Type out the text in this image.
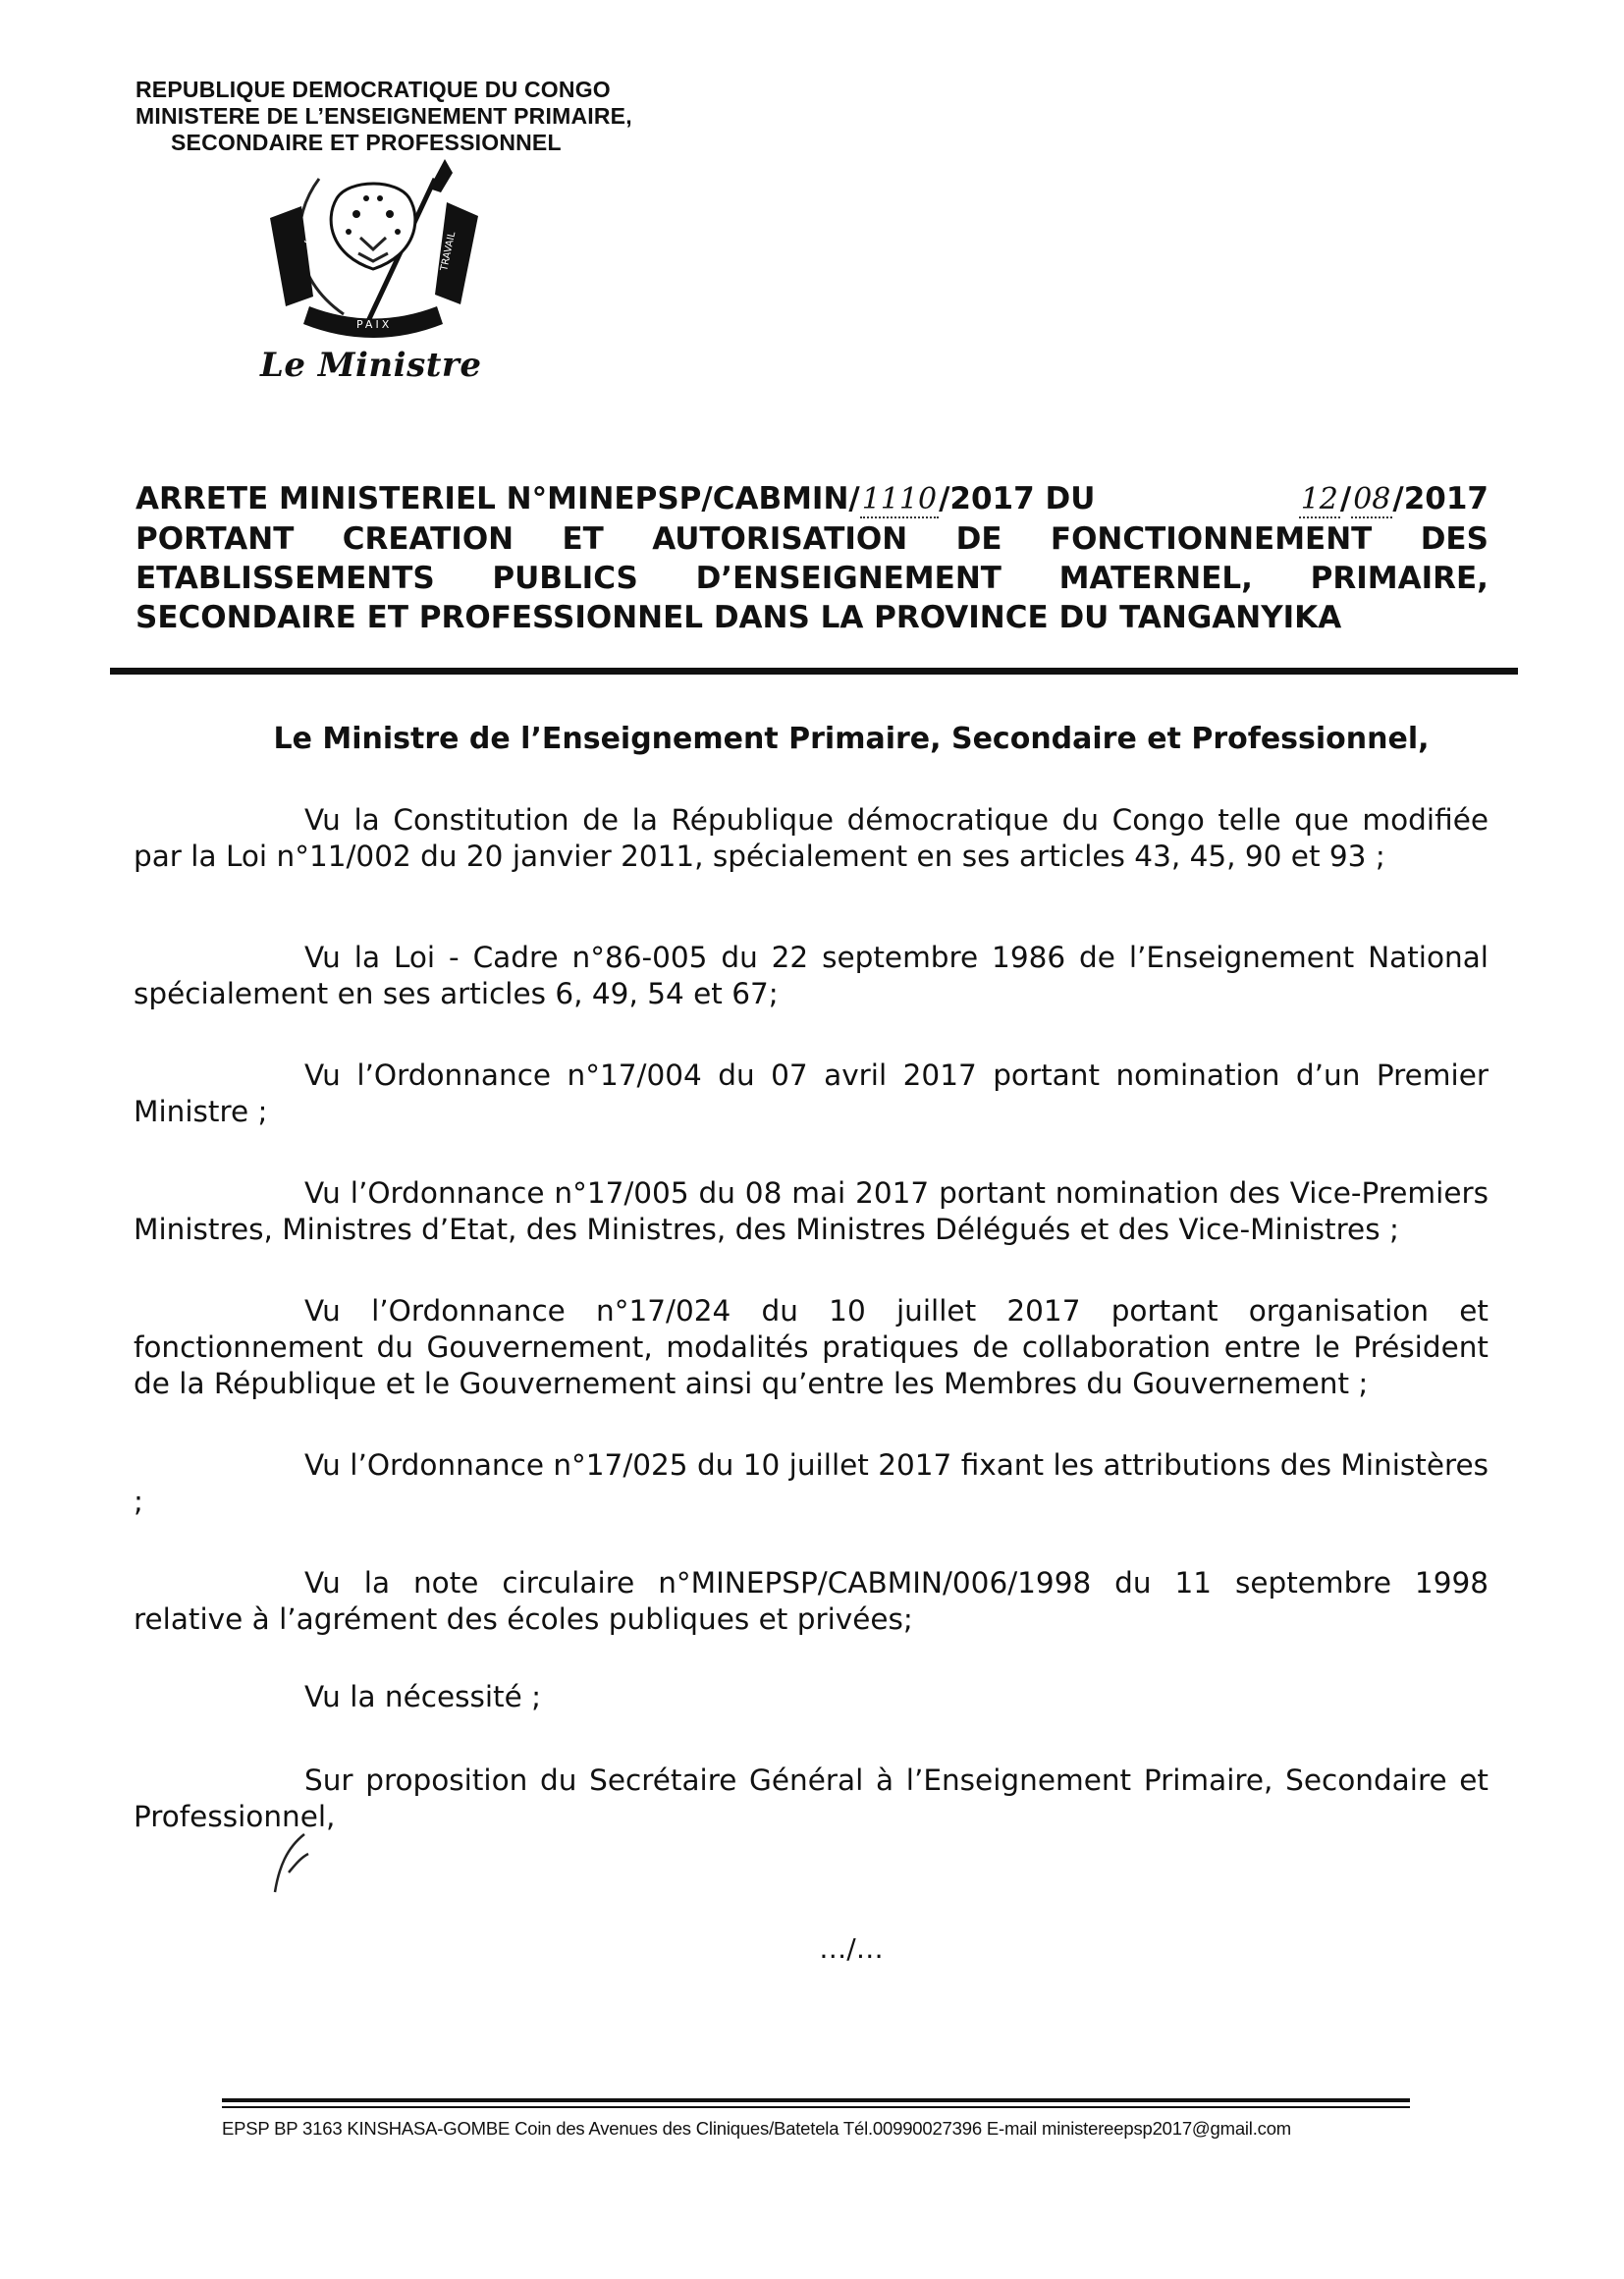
REPUBLIQUE DEMOCRATIQUE DU CONGO
MINISTERE DE L’ENSEIGNEMENT PRIMAIRE,
SECONDAIRE ET PROFESSIONNEL
JUSTICE	TRAVAIL
PAIX
Le Ministre
ARRETE MINISTERIEL N°MINEPSP/CABMIN/1110/2017 DU	12/08/2017
PORTANT CREATION ET AUTORISATION DE FONCTIONNEMENT DES
ETABLISSEMENTS PUBLICS D’ENSEIGNEMENT MATERNEL, PRIMAIRE,
SECONDAIRE ET PROFESSIONNEL DANS LA PROVINCE DU TANGANYIKA
Le Ministre de l’Enseignement Primaire, Secondaire et Professionnel,

Vu la Constitution de la République démocratique du Congo telle que modifiée par la Loi n°11/002 du 20 janvier 2011, spécialement en ses articles 43, 45, 90 et 93 ;

Vu la Loi - Cadre n°86-005 du 22 septembre 1986 de l’Enseignement National spécialement en ses articles 6, 49, 54 et 67;

Vu l’Ordonnance n°17/004 du 07 avril 2017 portant nomination d’un Premier Ministre ;

Vu l’Ordonnance n°17/005 du 08 mai 2017 portant nomination des Vice-Premiers Ministres, Ministres d’Etat, des Ministres, des Ministres Délégués et des Vice-Ministres ;

Vu l’Ordonnance n°17/024 du 10 juillet 2017 portant organisation et fonctionnement du Gouvernement, modalités pratiques de collaboration entre le Président de la République et le Gouvernement ainsi qu’entre les Membres du Gouvernement ;

Vu l’Ordonnance n°17/025 du 10 juillet 2017 fixant les attributions des Ministères ;

Vu la note circulaire n°MINEPSP/CABMIN/006/1998 du 11 septembre 1998 relative à l’agrément des écoles publiques et privées;

Vu la nécessité ;

Sur proposition du Secrétaire Général à l’Enseignement Primaire, Secondaire et Professionnel,

…/…
EPSP BP 3163 KINSHASA-GOMBE Coin des Avenues des Cliniques/Batetela Tél.00990027396 E-mail ministereepsp2017@gmail.com
